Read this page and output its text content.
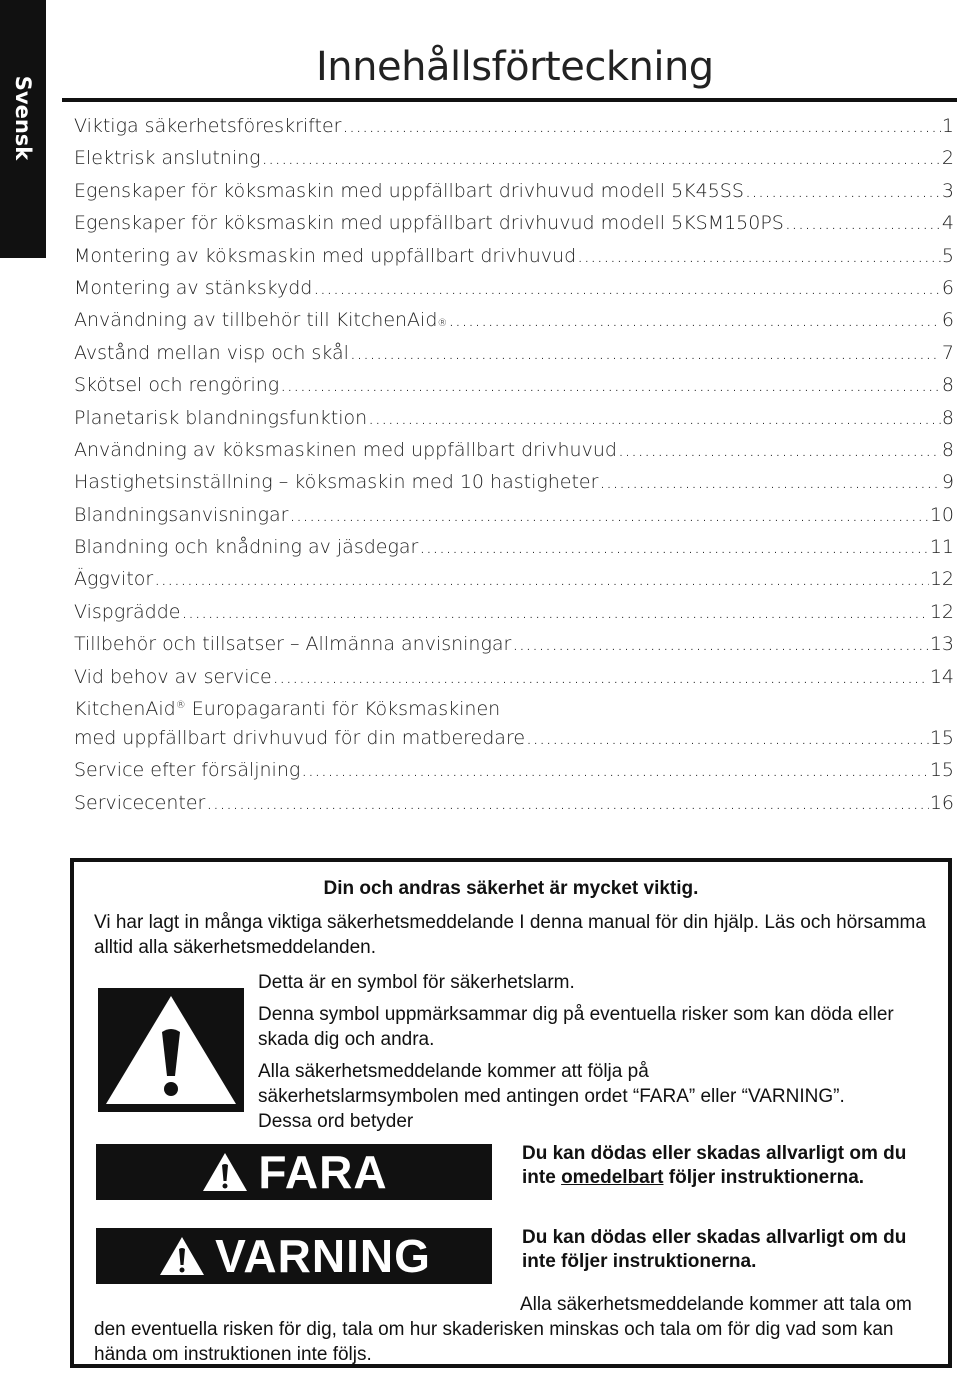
Svensk
Innehållsförteckning
Viktiga säkerhetsföreskrifter .....	1
Elektrisk anslutning .....	2
Egenskaper för köksmaskin med uppfällbart drivhuvud modell 5K45SS .....	3
Egenskaper för köksmaskin med uppfällbart drivhuvud modell 5KSM150PS .....	4
Montering av köksmaskin med uppfällbart drivhuvud .....	5
Montering av stänkskydd .....	6
Användning av tillbehör till KitchenAid ® .....	6
Avstånd mellan visp och skål .....	7
Skötsel och rengöring .....	8
Planetarisk blandningsfunktion .....	8
Användning av köksmaskinen med uppfällbart drivhuvud .....	8
Hastighetsinställning – köksmaskin med 10 hastigheter .....	9
Blandningsanvisningar .....	10
Blandning och knådning av jäsdegar .....	11
Äggvitor .....	12
Vispgrädde .....	12
Tillbehör och tillsatser – Allmänna anvisningar .....	13
Vid behov av service .....	14
KitchenAid® Europagaranti för Köksmaskinen
med uppfällbart drivhuvud för din matberedare .....	15
Service efter försäljning .....	15
Servicecenter .....	16
Din och andras säkerhet är mycket viktig.
Vi har lagt in många viktiga säkerhetsmeddelande I denna manual för din hjälp. Läs och hörsamma alltid alla säkerhetsmeddelanden.
Detta är en symbol för säkerhetslarm.
Denna symbol uppmärksammar dig på eventuella risker som kan döda eller skada dig och andra.
Alla säkerhetsmeddelande kommer att följa på säkerhetslarmsymbolen med antingen ordet “FARA” eller “VARNING”. Dessa ord betyder
FARA	Du kan dödas eller skadas allvarligt om du inte omedelbart följer instruktionerna.
VARNING	Du kan dödas eller skadas allvarligt om du inte följer instruktionerna.
Alla säkerhetsmeddelande kommer att tala om den eventuella risken för dig, tala om hur skaderisken minskas och tala om för dig vad som kan hända om instruktionen inte följs.
